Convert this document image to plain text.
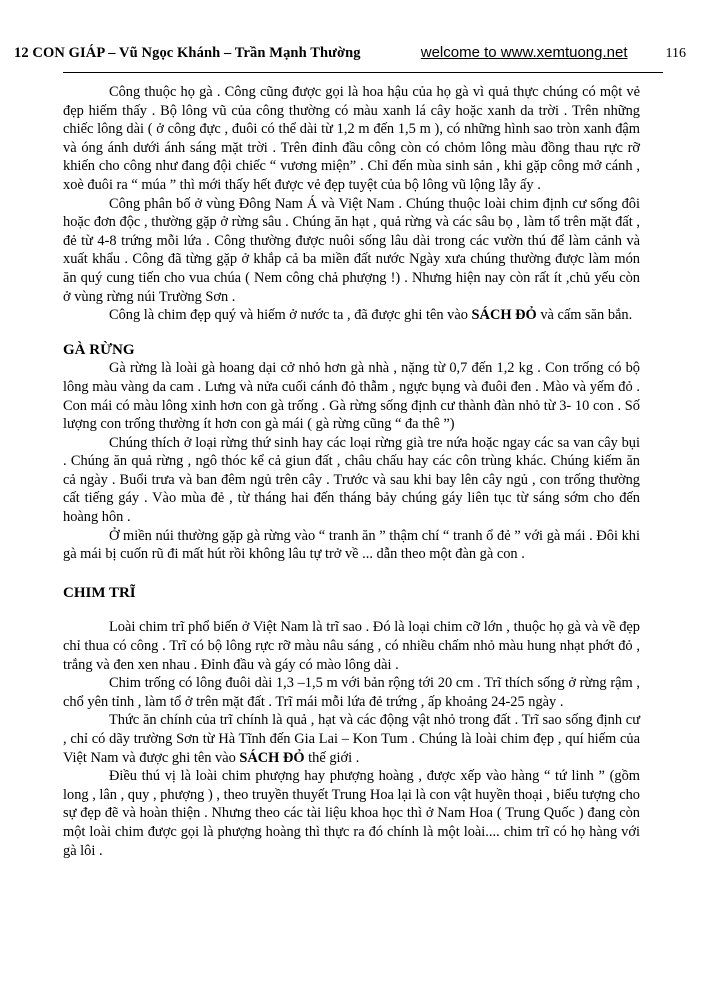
12 CON GIÁP – Vũ Ngọc Khánh – Trần Mạnh Thường	welcome to www.xemtuong.net	116

Công thuộc họ gà . Công cũng được gọi là hoa hậu của họ gà vì quả thực chúng có một vẻ đẹp hiếm thấy . Bộ lông vũ của công thường có màu xanh lá cây hoặc xanh da trời . Trên những chiếc lông dài ( ở công đực , đuôi có thể dài từ 1,2 m đến 1,5 m ), có những hình sao tròn xanh đậm và óng ánh dưới ánh sáng mặt trời . Trên đỉnh đầu công còn có chỏm lông màu đồng thau rực rỡ khiến cho công như đang đội chiếc “ vương miện” . Chỉ đến mùa sinh sản , khi gặp công mở cánh , xoè đuôi ra “ múa ” thì mới thấy hết được vẻ đẹp tuyệt của bộ lông vũ lộng lẫy ấy .

Công phân bố ở vùng Đông Nam Á và Việt Nam . Chúng thuộc loài chim định cư sống đôi hoặc đơn độc , thường gặp ở rừng sâu . Chúng ăn hạt , quả rừng và các sâu bọ , làm tổ trên mặt đất , đẻ từ 4-8 trứng mỗi lứa . Công thường được nuôi sống lâu dài trong các vườn thú để làm cảnh và xuất khẩu . Công đã từng gặp ở khắp cả ba miền đất nước Ngày xưa chúng thường được làm món ăn quý cung tiến cho vua chúa ( Nem công chả phượng !) . Nhưng hiện nay còn rất ít ,chủ yếu còn ở vùng rừng núi Trường Sơn .

Công là chim đẹp quý và hiếm ở nước ta , đã được ghi tên vào SÁCH ĐỎ và cấm săn bắn.

GÀ RỪNG

Gà rừng là loài gà hoang dại cở nhỏ hơn gà nhà , nặng từ 0,7 đến 1,2 kg . Con trống có bộ lông màu vàng da cam . Lưng và nửa cuối cánh đỏ thẫm , ngực bụng và đuôi đen . Mào và yếm đỏ . Con mái có màu lông xinh hơn con gà trống . Gà rừng sống định cư thành đàn nhỏ từ 3- 10 con . Số lượng con trống thường ít hơn con gà mái ( gà rừng cũng “ đa thê ”)

Chúng thích ở loại rừng thứ sinh hay các loại rừng già tre nứa hoặc ngay các sa van cây bụi . Chúng ăn quả rừng , ngô thóc kể cả giun đất , châu chấu hay các côn trùng khác. Chúng kiếm ăn cả ngày . Buổi trưa và ban đêm ngủ trên cây . Trước và sau khi bay lên cây ngủ , con trống thường cất tiếng gáy . Vào mùa đẻ , từ tháng hai đến tháng bảy chúng gáy liên tục từ sáng sớm cho đến hoàng hôn .

Ở miền núi thường gặp gà rừng vào “ tranh ăn ” thậm chí “ tranh ổ đẻ ” với gà mái . Đôi khi gà mái bị cuốn rũ đi mất hút rồi không lâu tự trở về ... dẫn theo một đàn gà con .

CHIM TRĨ

Loài chim trĩ phổ biến ở Việt Nam là trĩ sao . Đó là loại chim cỡ lớn , thuộc họ gà và về đẹp chỉ thua có công . Trĩ có bộ lông rực rỡ màu nâu sáng , có nhiều chấm nhỏ màu hung nhạt phớt đỏ , trắng và đen xen nhau . Đỉnh đầu và gáy có mào lông dài .

Chim trống có lông đuôi dài 1,3 –1,5 m với bản rộng tới 20 cm . Trĩ thích sống ở rừng rậm , chổ yên tỉnh , làm tổ ở trên mặt đất . Trĩ mái mỗi lứa đẻ trứng , ấp khoảng 24-25 ngày .

Thức ăn chính của trĩ chính là quả , hạt và các động vật nhỏ trong đất . Trĩ sao sống định cư , chỉ có dãy trường Sơn từ Hà Tĩnh đến Gia Lai – Kon Tum . Chúng là loài chim đẹp , quí hiếm của Việt Nam và được ghi tên vào SÁCH ĐỎ thế giới .

Điều thú vị là loài chim phượng hay phượng hoàng , được xếp vào hàng “ tứ linh ” (gồm long , lân , quy , phượng ) , theo truyền thuyết Trung Hoa lại là con vật huyền thoại , biểu tượng cho sự đẹp đẽ và hoàn thiện . Nhưng theo các tài liệu khoa học thì ở Nam Hoa ( Trung Quốc ) đang còn một loài chim được gọi là phượng hoàng thì thực ra đó chính là một loài.... chim trĩ có họ hàng với gà lôi .
